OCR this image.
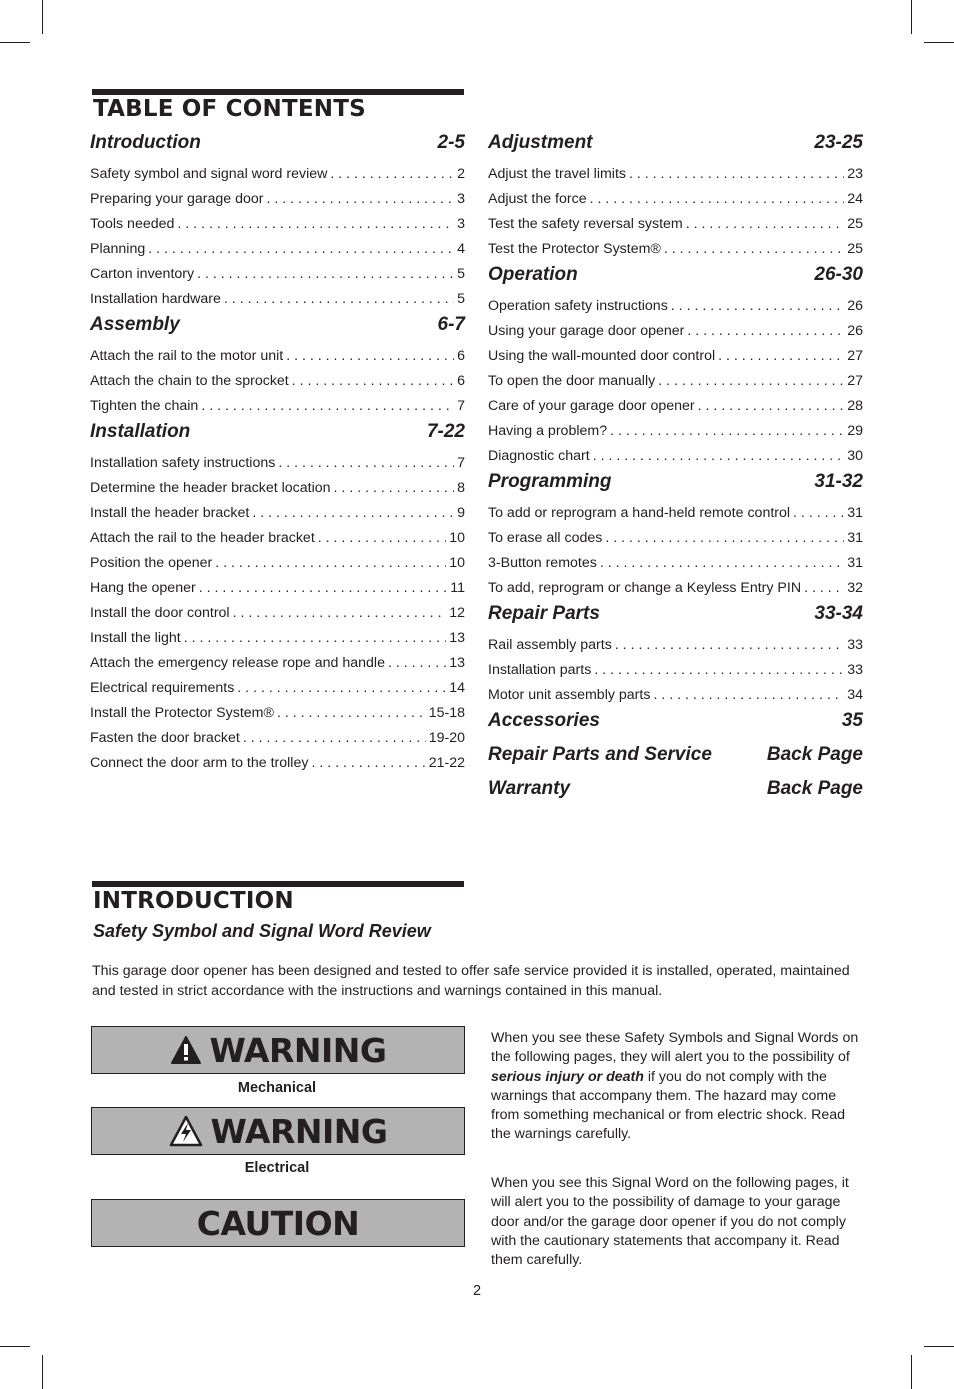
TABLE OF CONTENTS
Introduction	2-5
Safety symbol and signal word review . . .	2
Preparing your garage door . . .	3
Tools needed . . .	3
Planning . . .	4
Carton inventory . . .	5
Installation hardware . . .	5
Assembly	6-7
Attach the rail to the motor unit . . .	6
Attach the chain to the sprocket . . .	6
Tighten the chain . . .	7
Installation	7-22
Installation safety instructions . . .	7
Determine the header bracket location . . .	8
Install the header bracket . . .	9
Attach the rail to the header bracket . . .	10
Position the opener . . .	10
Hang the opener . . .	11
Install the door control . . .	12
Install the light . . .	13
Attach the emergency release rope and handle . . .	13
Electrical requirements . . .	14
Install the Protector System® . . .	15-18
Fasten the door bracket . . .	19-20
Connect the door arm to the trolley . . .	21-22
Adjustment	23-25
Adjust the travel limits . . .	23
Adjust the force . . .	24
Test the safety reversal system . . .	25
Test the Protector System® . . .	25
Operation	26-30
Operation safety instructions . . .	26
Using your garage door opener . . .	26
Using the wall-mounted door control . . .	27
To open the door manually . . .	27
Care of your garage door opener . . .	28
Having a problem? . . .	29
Diagnostic chart . . .	30
Programming	31-32
To add or reprogram a hand-held remote control . . .	31
To erase all codes . . .	31
3-Button remotes . . .	31
To add, reprogram or change a Keyless Entry PIN . . .	32
Repair Parts	33-34
Rail assembly parts . . .	33
Installation parts . . .	33
Motor unit assembly parts . . .	34
Accessories	35
Repair Parts and Service	Back Page
Warranty	Back Page
INTRODUCTION
Safety Symbol and Signal Word Review
This garage door opener has been designed and tested to offer safe service provided it is installed, operated, maintained and tested in strict accordance with the instructions and warnings contained in this manual.
WARNING
Mechanical
WARNING
Electrical
CAUTION
When you see these Safety Symbols and Signal Words on the following pages, they will alert you to the possibility of serious injury or death if you do not comply with the warnings that accompany them. The hazard may come from something mechanical or from electric shock. Read the warnings carefully.
When you see this Signal Word on the following pages, it will alert you to the possibility of damage to your garage door and/or the garage door opener if you do not comply with the cautionary statements that accompany it. Read them carefully.
2
